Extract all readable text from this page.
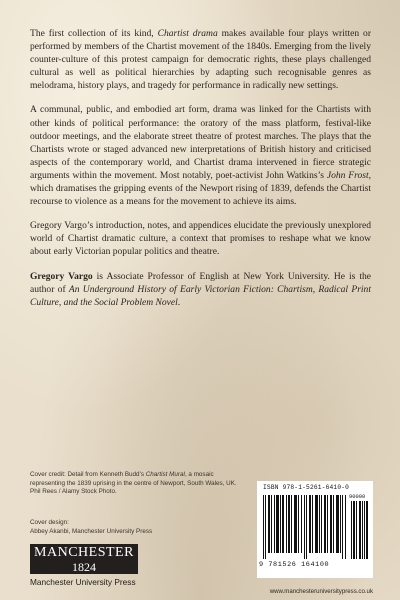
The first collection of its kind, Chartist drama makes available four plays written or performed by members of the Chartist movement of the 1840s. Emerging from the lively counter-culture of this protest campaign for democratic rights, these plays challenged cultural as well as political hierarchies by adapting such recognisable genres as melodrama, history plays, and tragedy for performance in radically new settings.

A communal, public, and embodied art form, drama was linked for the Chartists with other kinds of political performance: the oratory of the mass platform, festival-like outdoor meetings, and the elaborate street theatre of protest marches. The plays that the Chartists wrote or staged advanced new interpretations of British history and criticised aspects of the contemporary world, and Chartist drama intervened in fierce strategic arguments within the movement. Most notably, poet-activist John Watkins’s John Frost, which dramatises the gripping events of the Newport rising of 1839, defends the Chartist recourse to violence as a means for the movement to achieve its aims.

Gregory Vargo’s introduction, notes, and appendices elucidate the previously unexplored world of Chartist dramatic culture, a context that promises to reshape what we know about early Victorian popular politics and theatre.

Gregory Vargo is Associate Professor of English at New York University. He is the author of An Underground History of Early Victorian Fiction: Chartism, Radical Print Culture, and the Social Problem Novel.

Cover credit: Detail from Kenneth Budd’s Chartist Mural, a mosaic representing the 1839 uprising in the centre of Newport, South Wales, UK. Phil Rees / Alamy Stock Photo.
Cover design:
Abbey Akanbi, Manchester University Press
MANCHESTER
1824
Manchester University Press
ISBN 978-1-5261-6410-0
90000
9 781526 164100
www.manchesteruniversitypress.co.uk
